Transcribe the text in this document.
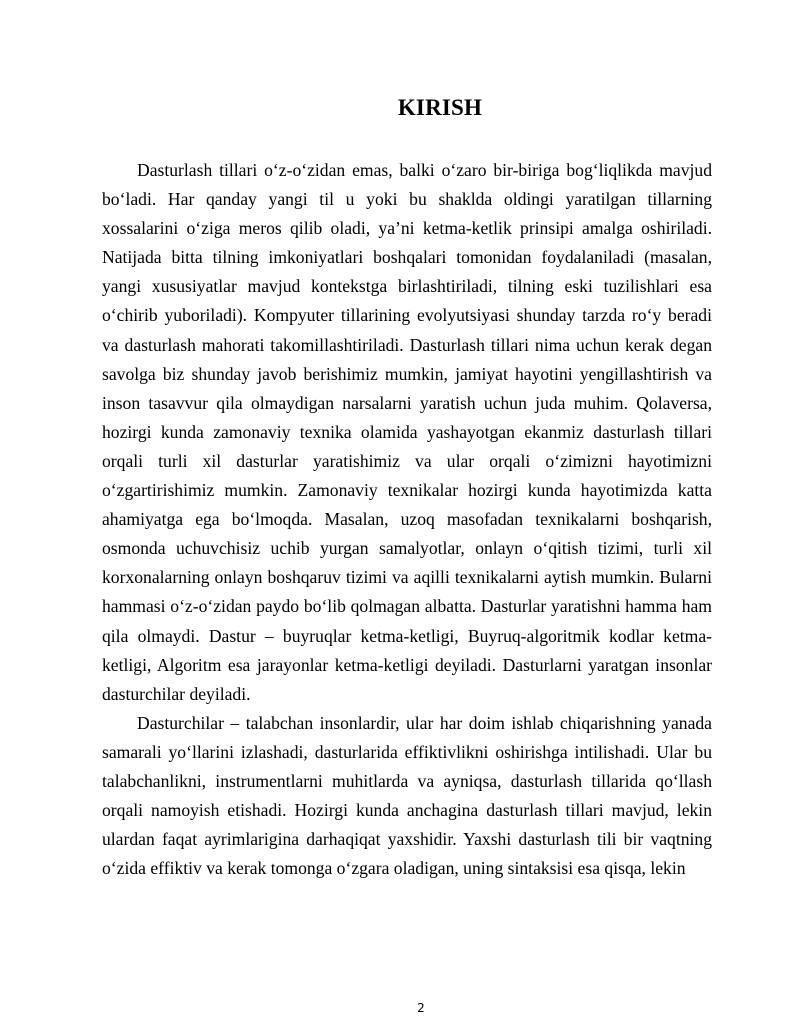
KIRISH

Dasturlash tillari o‘z-o‘zidan emas, balki o‘zaro bir-biriga bog‘liqlikda mavjud bo‘ladi. Har qanday yangi til u yoki bu shaklda oldingi yaratilgan tillarning xossalarini o‘ziga meros qilib oladi, ya’ni ketma-ketlik prinsipi amalga oshiriladi. Natijada bitta tilning imkoniyatlari boshqalari tomonidan foydalaniladi (masalan, yangi xususiyatlar mavjud kontekstga birlashtiriladi, tilning eski tuzilishlari esa o‘chirib yuboriladi). Kompyuter tillarining evolyutsiyasi shunday tarzda ro‘y beradi va dasturlash mahorati takomillashtiriladi. Dasturlash tillari nima uchun kerak degan savolga biz shunday javob berishimiz mumkin, jamiyat hayotini yengillashtirish va inson tasavvur qila olmaydigan narsalarni yaratish uchun juda muhim. Qolaversa, hozirgi kunda zamonaviy texnika olamida yashayotgan ekanmiz dasturlash tillari orqali turli xil dasturlar yaratishimiz va ular orqali o‘zimizni hayotimizni o‘zgartirishimiz mumkin. Zamonaviy texnikalar hozirgi kunda hayotimizda katta ahamiyatga ega bo‘lmoqda. Masalan, uzoq masofadan texnikalarni boshqarish, osmonda uchuvchisiz uchib yurgan samalyotlar, onlayn o‘qitish tizimi, turli xil korxonalarning onlayn boshqaruv tizimi va aqilli texnikalarni aytish mumkin. Bularni hammasi o‘z-o‘zidan paydo bo‘lib qolmagan albatta. Dasturlar yaratishni hamma ham qila olmaydi. Dastur – buyruqlar ketma-ketligi, Buyruq-algoritmik kodlar ketma-ketligi, Algoritm esa jarayonlar ketma-ketligi deyiladi. Dasturlarni yaratgan insonlar dasturchilar deyiladi.

Dasturchilar – talabchan insonlardir, ular har doim ishlab chiqarishning yanada samarali yo‘llarini izlashadi, dasturlarida effiktivlikni oshirishga intilishadi. Ular bu talabchanlikni, instrumentlarni muhitlarda va ayniqsa, dasturlash tillarida qo‘llash orqali namoyish etishadi. Hozirgi kunda anchagina dasturlash tillari mavjud, lekin ulardan faqat ayrimlarigina darhaqiqat yaxshidir. Yaxshi dasturlash tili bir vaqtning o‘zida effiktiv va kerak tomonga o‘zgara oladigan, uning sintaksisi esa qisqa, lekin

2
